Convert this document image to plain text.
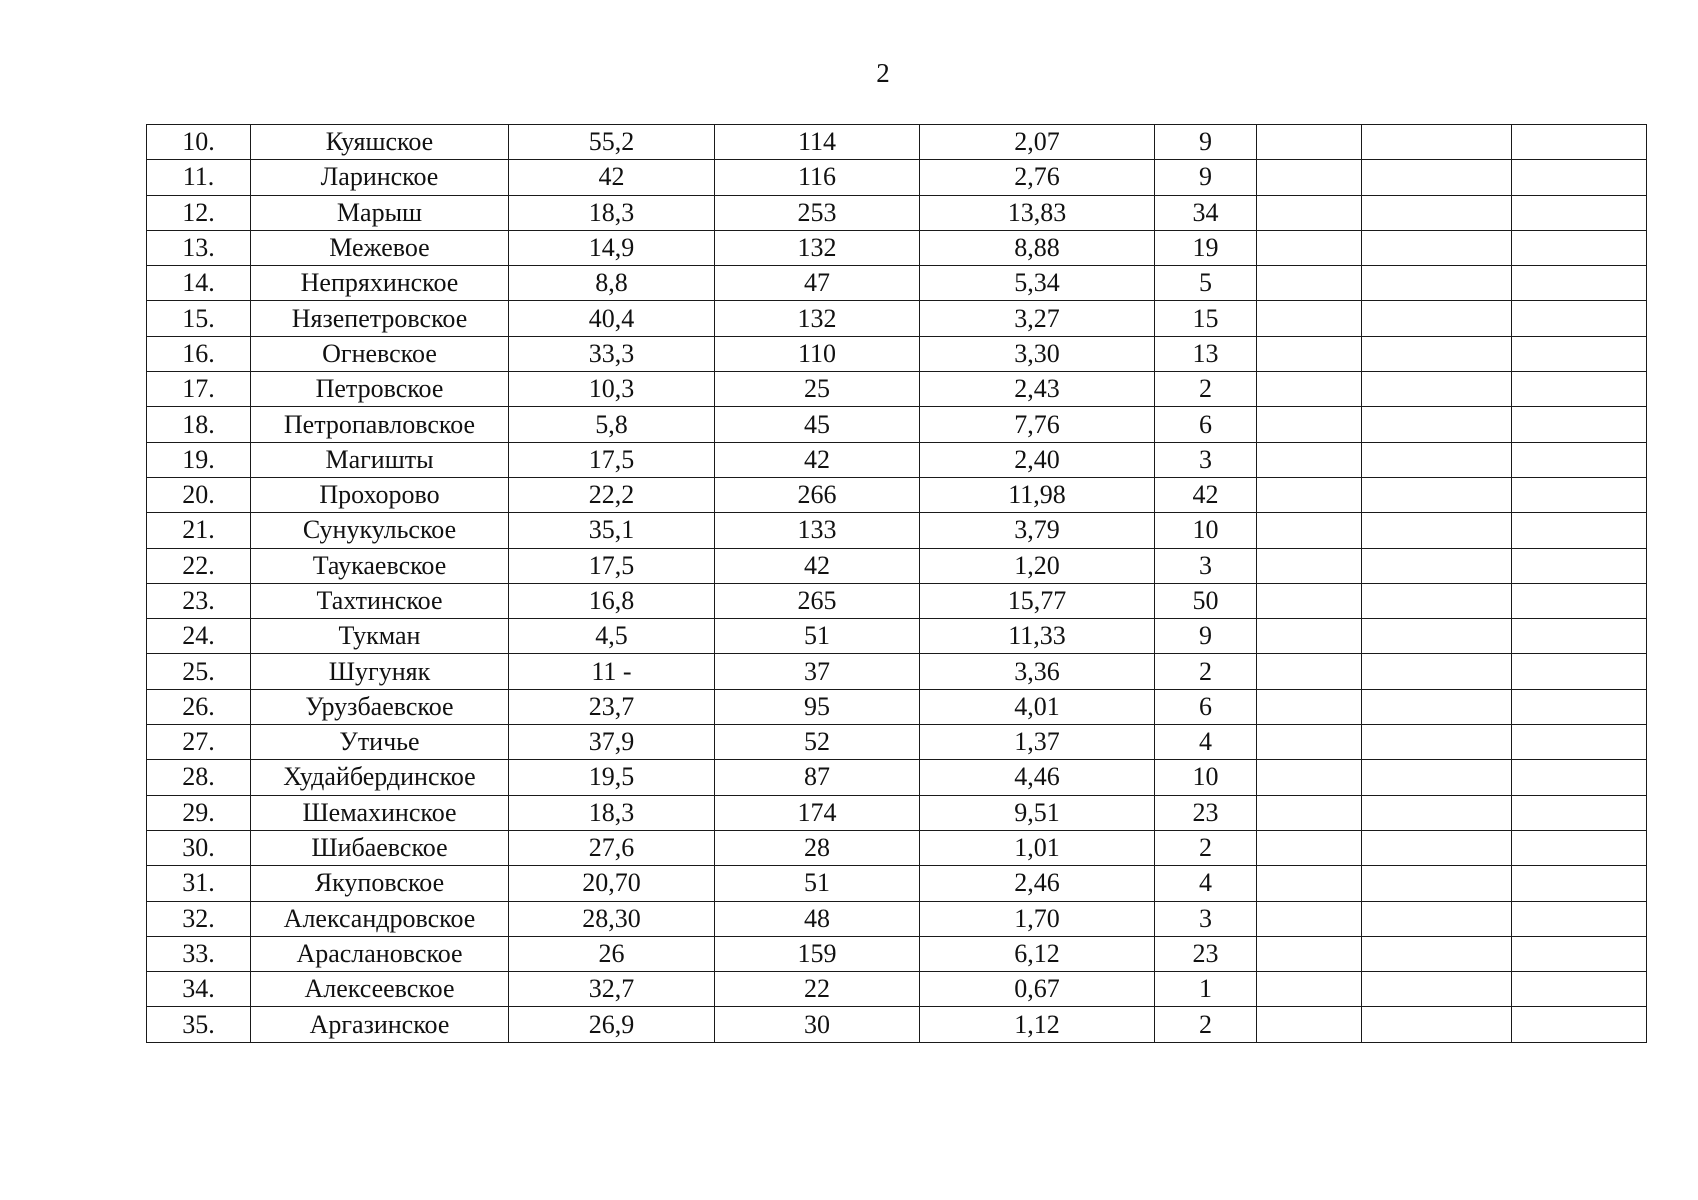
2
10.	Куяшское	55,2	114	2,07	9			
11.	Ларинское	42	116	2,76	9			
12.	Марыш	18,3	253	13,83	34			
13.	Межевое	14,9	132	8,88	19			
14.	Непряхинское	8,8	47	5,34	5			
15.	Нязепетровское	40,4	132	3,27	15			
16.	Огневское	33,3	110	3,30	13			
17.	Петровское	10,3	25	2,43	2			
18.	Петропавловское	5,8	45	7,76	6			
19.	Магишты	17,5	42	2,40	3			
20.	Прохорово	22,2	266	11,98	42			
21.	Сунукульское	35,1	133	3,79	10			
22.	Таукаевское	17,5	42	1,20	3			
23.	Тахтинское	16,8	265	15,77	50			
24.	Тукман	4,5	51	11,33	9			
25.	Шугуняк	11 -	37	3,36	2			
26.	Урузбаевское	23,7	95	4,01	6			
27.	Утичье	37,9	52	1,37	4			
28.	Худайбердинское	19,5	87	4,46	10			
29.	Шемахинское	18,3	174	9,51	23			
30.	Шибаевское	27,6	28	1,01	2			
31.	Якуповское	20,70	51	2,46	4			
32.	Александровское	28,30	48	1,70	3			
33.	Араслановское	26	159	6,12	23			
34.	Алексеевское	32,7	22	0,67	1			
35.	Аргазинское	26,9	30	1,12	2			
